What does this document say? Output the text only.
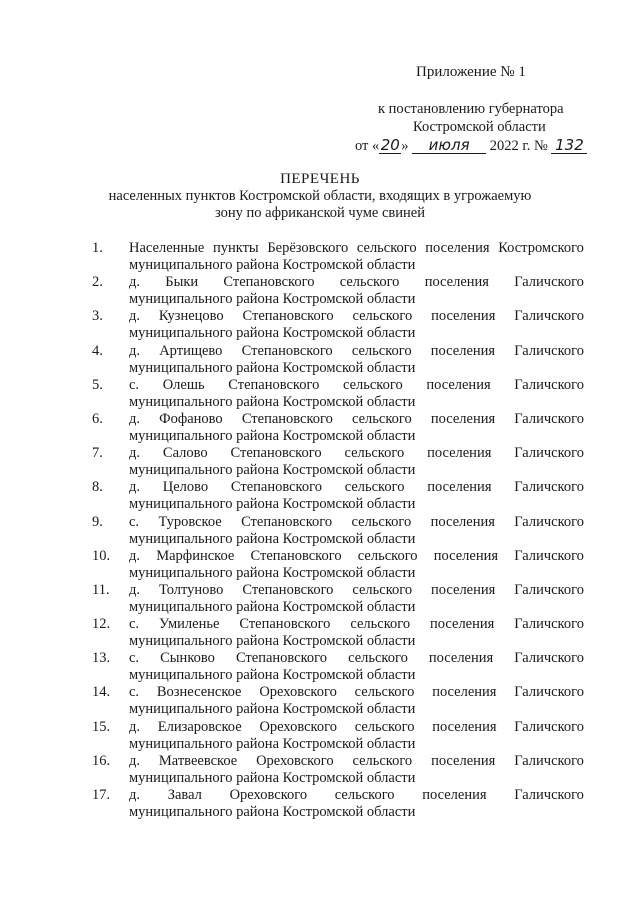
Приложение № 1
к постановлению губернатора
Костромской области
от «20» июля 2022 г. № 132
ПЕРЕЧЕНЬ
населенных пунктов Костромской области, входящих в угрожаемую зону по африканской чуме свиней
1.	Населенные пункты Берёзовского сельского поселения Костромского
муниципального района Костромской области
2.	д. Быки Степановского сельского поселения Галичского
муниципального района Костромской области
3.	д. Кузнецово Степановского сельского поселения Галичского
муниципального района Костромской области
4.	д. Артищево Степановского сельского поселения Галичского
муниципального района Костромской области
5.	с. Олешь Степановского сельского поселения Галичского
муниципального района Костромской области
6.	д. Фофаново Степановского сельского поселения Галичского
муниципального района Костромской области
7.	д. Салово Степановского сельского поселения Галичского
муниципального района Костромской области
8.	д. Целово Степановского сельского поселения Галичского
муниципального района Костромской области
9.	с. Туровское Степановского сельского поселения Галичского
муниципального района Костромской области
10.	д. Марфинское Степановского сельского поселения Галичского
муниципального района Костромской области
11.	д. Толтуново Степановского сельского поселения Галичского
муниципального района Костромской области
12.	с. Умиленье Степановского сельского поселения Галичского
муниципального района Костромской области
13.	с. Сынково Степановского сельского поселения Галичского
муниципального района Костромской области
14.	с. Вознесенское Ореховского сельского поселения Галичского
муниципального района Костромской области
15.	д. Елизаровское Ореховского сельского поселения Галичского
муниципального района Костромской области
16.	д. Матвеевское Ореховского сельского поселения Галичского
муниципального района Костромской области
17.	д. Завал Ореховского сельского поселения Галичского
муниципального района Костромской области
